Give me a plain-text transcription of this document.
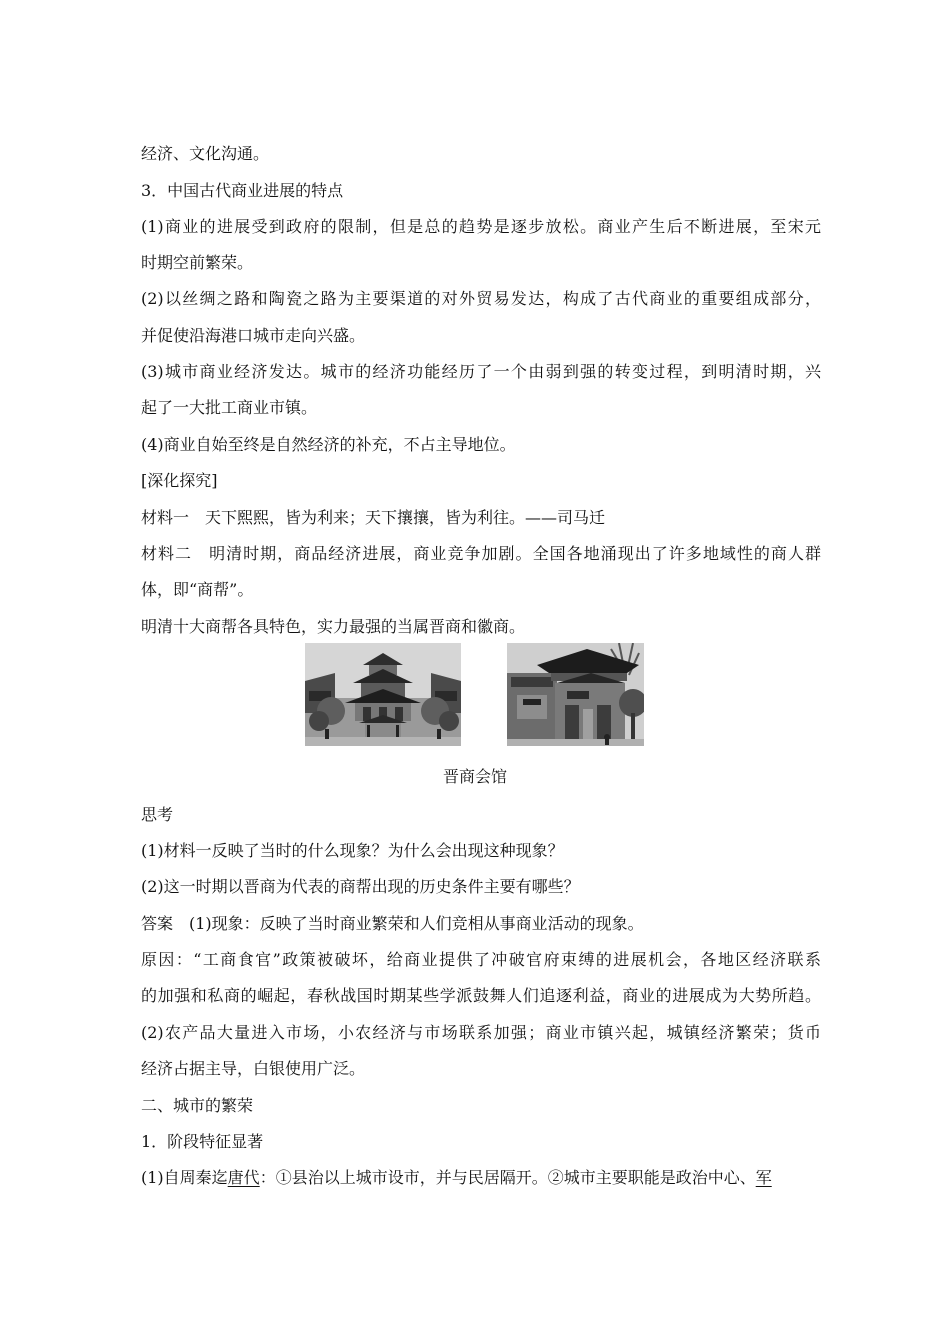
经济、文化沟通。

3．中国古代商业进展的特点

(1)商业的进展受到政府的限制，但是总的趋势是逐步放松。商业产生后不断进展，至宋元

时期空前繁荣。

(2)以丝绸之路和陶瓷之路为主要渠道的对外贸易发达，构成了古代商业的重要组成部分，

并促使沿海港口城市走向兴盛。

(3)城市商业经济发达。城市的经济功能经历了一个由弱到强的转变过程，到明清时期，兴

起了一大批工商业市镇。

(4)商业自始至终是自然经济的补充，不占主导地位。

[深化探究]

材料一　天下熙熙，皆为利来；天下攘攘，皆为利往。——司马迁

材料二　明清时期，商品经济进展，商业竞争加剧。全国各地涌现出了许多地域性的商人群

体，即“商帮”。

明清十大商帮各具特色，实力最强的当属晋商和徽商。

晋商会馆

思考

(1)材料一反映了当时的什么现象？为什么会出现这种现象？

(2)这一时期以晋商为代表的商帮出现的历史条件主要有哪些？

答案　(1)现象：反映了当时商业繁荣和人们竞相从事商业活动的现象。

原因：“工商食官”政策被破坏，给商业提供了冲破官府束缚的进展机会，各地区经济联系

的加强和私商的崛起，春秋战国时期某些学派鼓舞人们追逐利益，商业的进展成为大势所趋。

(2)农产品大量进入市场，小农经济与市场联系加强；商业市镇兴起，城镇经济繁荣；货币

经济占据主导，白银使用广泛。

二、城市的繁荣

1．阶段特征显著

(1)自周秦迄唐代：①县治以上城市设市，并与民居隔开。②城市主要职能是政治中心、军
